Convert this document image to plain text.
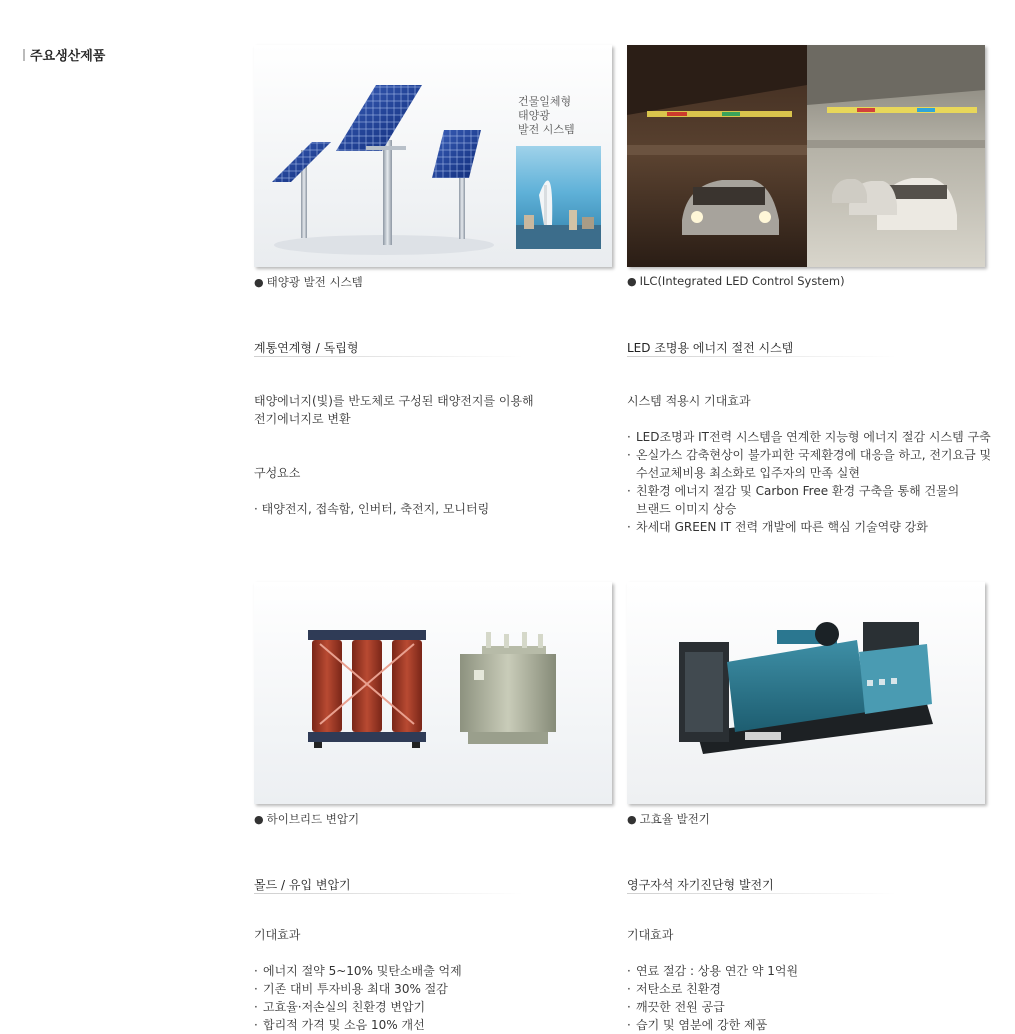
주요생산제품
건물일체형
태양광
발전 시스템
● 태양광 발전 시스템
계통연계형 / 독립형
태양에너지(빛)를 반도체로 구성된 태양전지를 이용해
전기에너지로 변환
구성요소
· 태양전지, 접속함, 인버터, 축전지, 모니터링
● ILC(Integrated LED Control System)
LED 조명용 에너지 절전 시스템
시스템 적용시 기대효과
· LED조명과 IT전력 시스템을 연계한 지능형 에너지 절감 시스템 구축
· 온실가스 감축현상이 불가피한 국제환경에 대응을 하고, 전기요금 및
수선교체비용 최소화로 입주자의 만족 실현
· 친환경 에너지 절감 및 Carbon Free 환경 구축을 통해 건물의
브랜드 이미지 상승
· 차세대 GREEN IT 전력 개발에 따른 핵심 기술역량 강화
● 하이브리드 변압기
몰드 / 유입 변압기
기대효과
· 에너지 절약 5~10% 및탄소배출 억제
· 기존 대비 투자비용 최대 30% 절감
· 고효율·저손실의 친환경 변압기
· 합리적 가격 및 소음 10% 개선
● 고효율 발전기
영구자석 자기진단형 발전기
기대효과
· 연료 절감 : 상용 연간 약 1억원
· 저탄소로 친환경
· 깨끗한 전원 공급
· 습기 및 염분에 강한 제품
